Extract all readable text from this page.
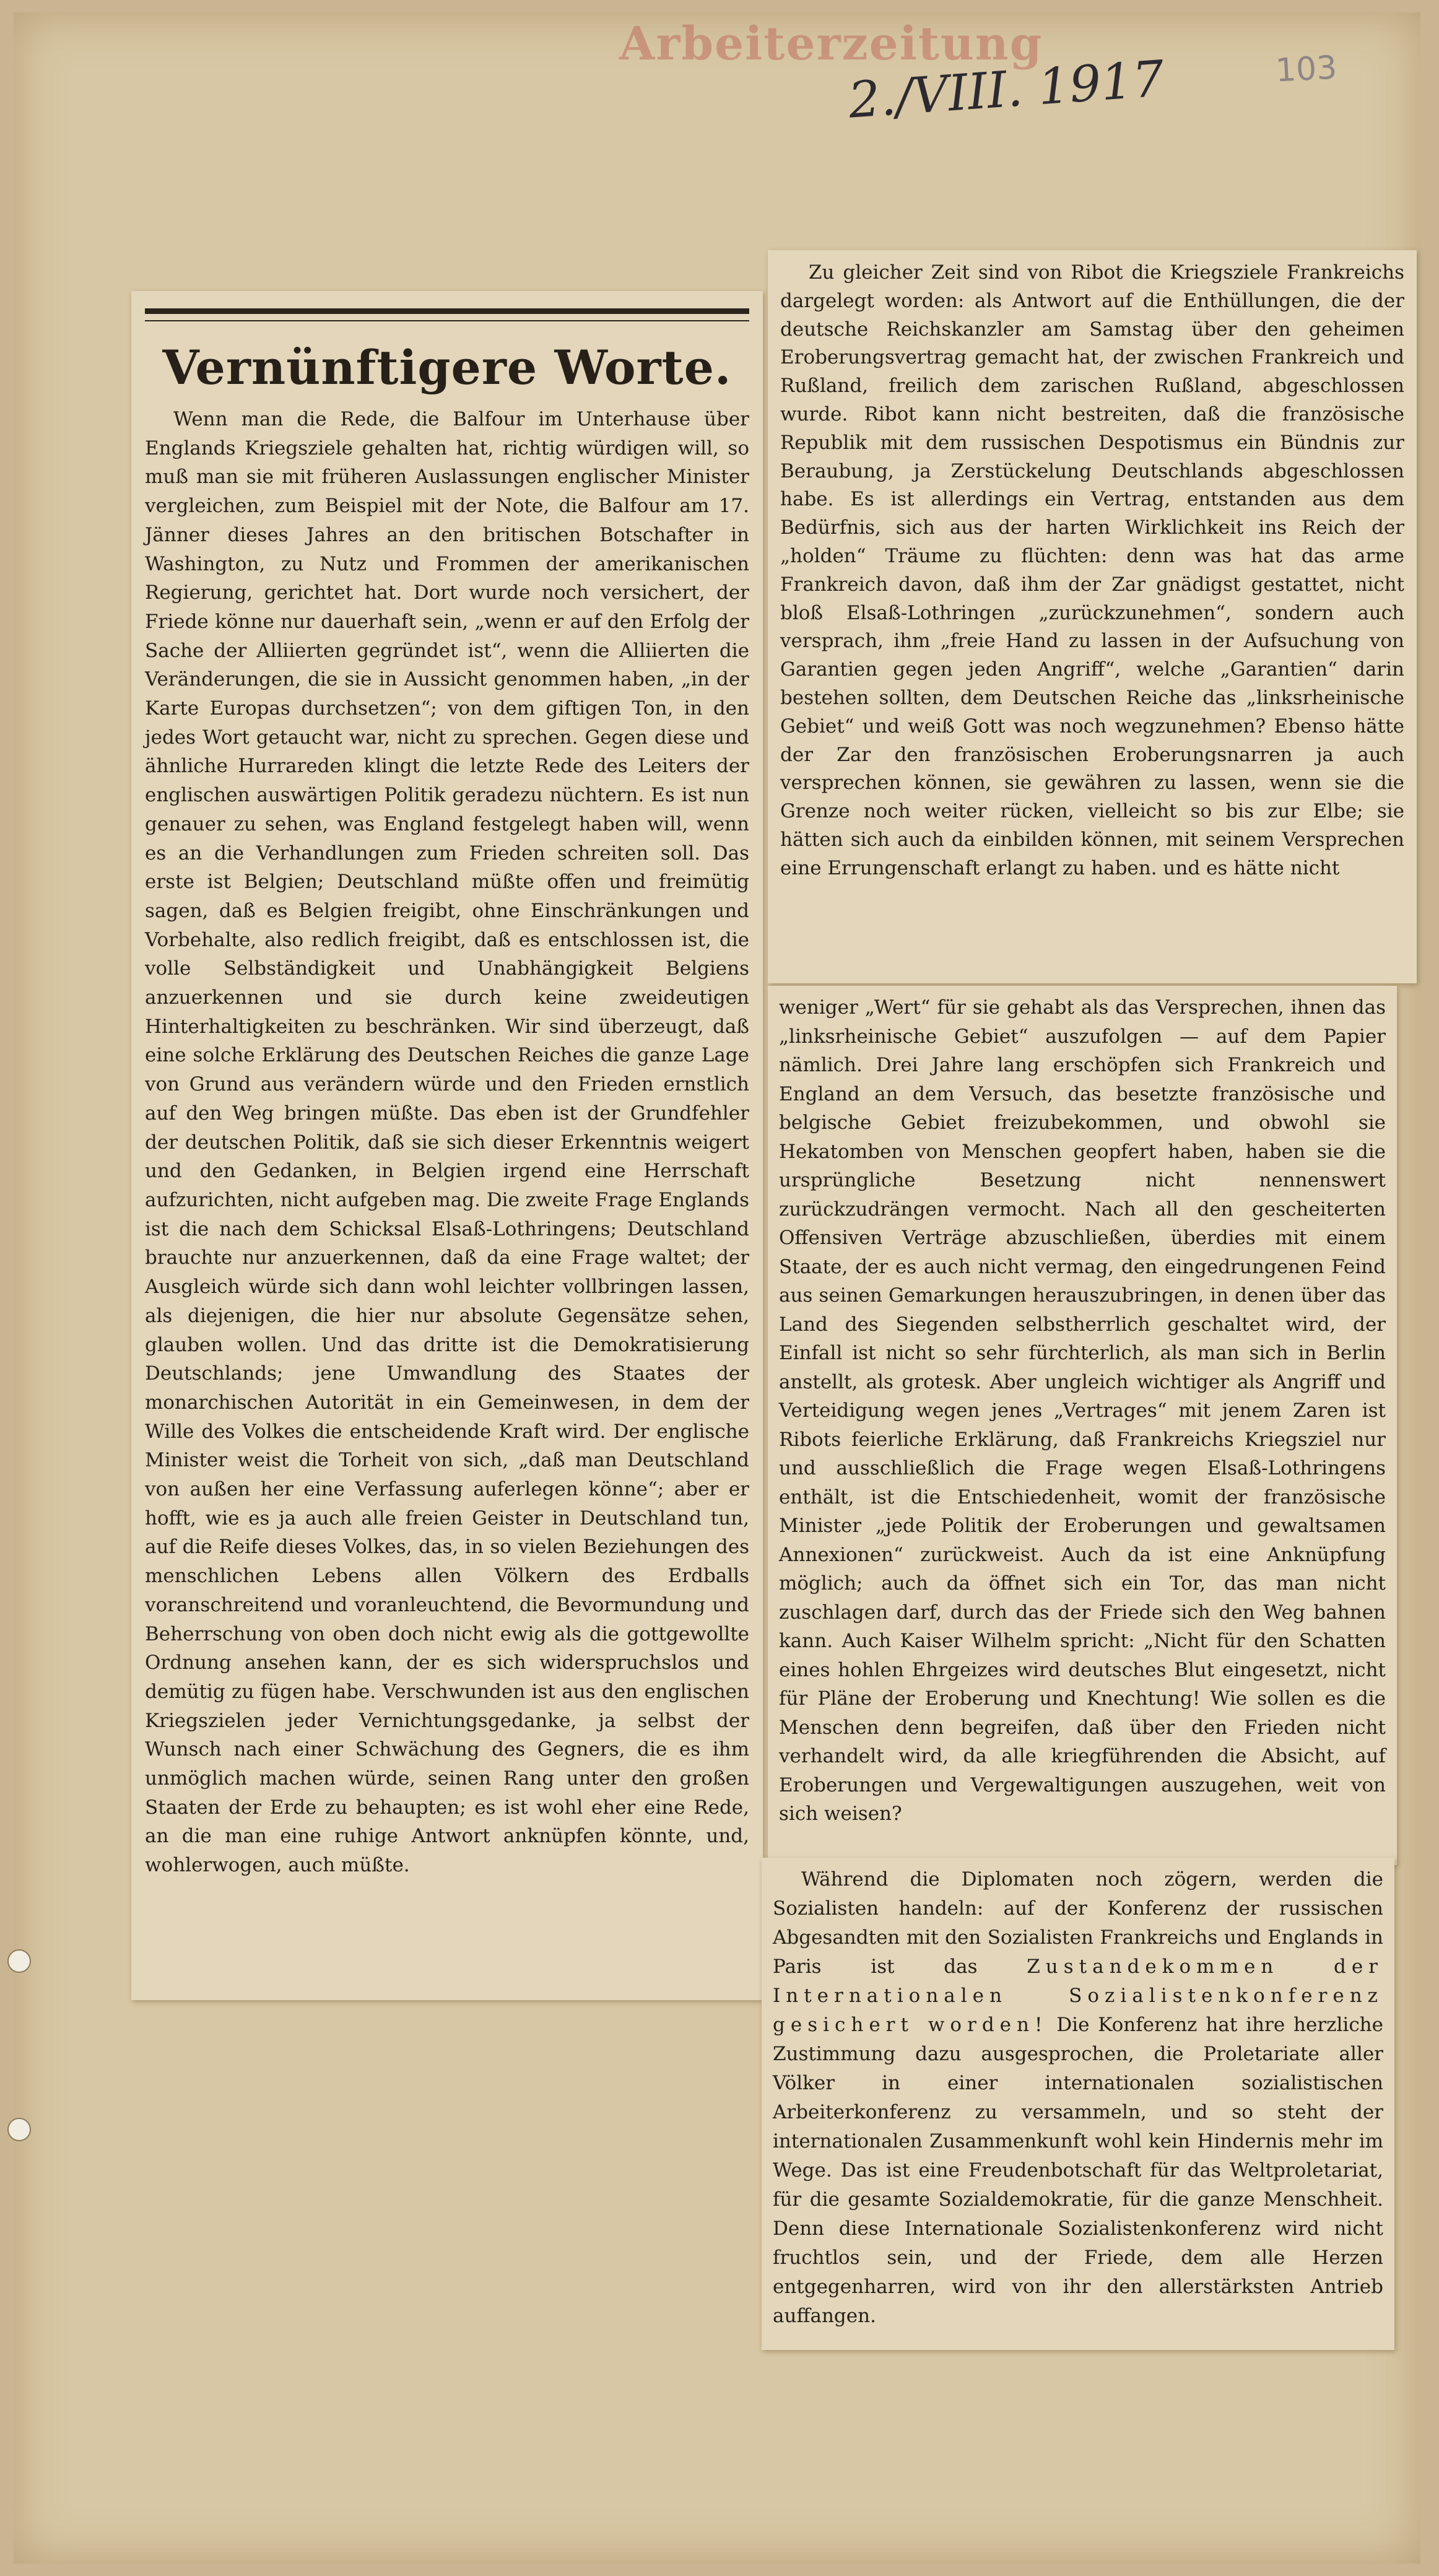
Arbeiterzeitung
2./VIII. 1917	103
Vernünftigere Worte.

Wenn man die Rede, die Balfour im Unterhause über Englands Kriegsziele gehalten hat, richtig würdigen will, so muß man sie mit früheren Auslassungen englischer Minister vergleichen, zum Beispiel mit der Note, die Balfour am 17. Jänner dieses Jahres an den britischen Botschafter in Washington, zu Nutz und Frommen der amerikanischen Regierung, gerichtet hat. Dort wurde noch versichert, der Friede könne nur dauerhaft sein, „wenn er auf den Erfolg der Sache der Alliierten gegründet ist“, wenn die Alliierten die Veränderungen, die sie in Aussicht genommen haben, „in der Karte Europas durchsetzen“; von dem giftigen Ton, in den jedes Wort getaucht war, nicht zu sprechen. Gegen diese und ähnliche Hurrareden klingt die letzte Rede des Leiters der englischen auswärtigen Politik geradezu nüchtern. Es ist nun genauer zu sehen, was England festgelegt haben will, wenn es an die Verhandlungen zum Frieden schreiten soll. Das erste ist Belgien; Deutschland müßte offen und freimütig sagen, daß es Belgien freigibt, ohne Einschränkungen und Vorbehalte, also redlich freigibt, daß es entschlossen ist, die volle Selbständigkeit und Unabhängigkeit Belgiens anzuerkennen und sie durch keine zweideutigen Hinterhaltigkeiten zu beschränken. Wir sind überzeugt, daß eine solche Erklärung des Deutschen Reiches die ganze Lage von Grund aus verändern würde und den Frieden ernstlich auf den Weg bringen müßte. Das eben ist der Grundfehler der deutschen Politik, daß sie sich dieser Erkenntnis weigert und den Gedanken, in Belgien irgend eine Herrschaft aufzurichten, nicht aufgeben mag. Die zweite Frage Englands ist die nach dem Schicksal Elsaß-Lothringens; Deutschland brauchte nur anzuerkennen, daß da eine Frage waltet; der Ausgleich würde sich dann wohl leichter vollbringen lassen, als diejenigen, die hier nur absolute Gegensätze sehen, glauben wollen. Und das dritte ist die Demokratisierung Deutschlands; jene Umwandlung des Staates der monarchischen Autorität in ein Gemeinwesen, in dem der Wille des Volkes die entscheidende Kraft wird. Der englische Minister weist die Torheit von sich, „daß man Deutschland von außen her eine Verfassung auferlegen könne“; aber er hofft, wie es ja auch alle freien Geister in Deutschland tun, auf die Reife dieses Volkes, das, in so vielen Beziehungen des menschlichen Lebens allen Völkern des Erdballs voranschreitend und voranleuchtend, die Bevormundung und Beherrschung von oben doch nicht ewig als die gottgewollte Ordnung ansehen kann, der es sich widerspruchslos und demütig zu fügen habe. Verschwunden ist aus den englischen Kriegszielen jeder Vernichtungsgedanke, ja selbst der Wunsch nach einer Schwächung des Gegners, die es ihm unmöglich machen würde, seinen Rang unter den großen Staaten der Erde zu behaupten; es ist wohl eher eine Rede, an die man eine ruhige Antwort anknüpfen könnte, und, wohlerwogen, auch müßte.

Zu gleicher Zeit sind von Ribot die Kriegsziele Frankreichs dargelegt worden: als Antwort auf die Enthüllungen, die der deutsche Reichskanzler am Samstag über den geheimen Eroberungsvertrag gemacht hat, der zwischen Frankreich und Rußland, freilich dem zarischen Rußland, abgeschlossen wurde. Ribot kann nicht bestreiten, daß die französische Republik mit dem russischen Despotismus ein Bündnis zur Beraubung, ja Zerstückelung Deutschlands abgeschlossen habe. Es ist allerdings ein Vertrag, entstanden aus dem Bedürfnis, sich aus der harten Wirklichkeit ins Reich der „holden“ Träume zu flüchten: denn was hat das arme Frankreich davon, daß ihm der Zar gnädigst gestattet, nicht bloß Elsaß-Lothringen „zurückzunehmen“, sondern auch versprach, ihm „freie Hand zu lassen in der Aufsuchung von Garantien gegen jeden Angriff“, welche „Garantien“ darin bestehen sollten, dem Deutschen Reiche das „linksrheinische Gebiet“ und weiß Gott was noch wegzunehmen? Ebenso hätte der Zar den französischen Eroberungsnarren ja auch versprechen können, sie gewähren zu lassen, wenn sie die Grenze noch weiter rücken, vielleicht so bis zur Elbe; sie hätten sich auch da einbilden können, mit seinem Versprechen eine Errungenschaft erlangt zu haben. und es hätte nicht

weniger „Wert“ für sie gehabt als das Versprechen, ihnen das „linksrheinische Gebiet“ auszufolgen — auf dem Papier nämlich. Drei Jahre lang erschöpfen sich Frankreich und England an dem Versuch, das besetzte französische und belgische Gebiet freizubekommen, und obwohl sie Hekatomben von Menschen geopfert haben, haben sie die ursprüngliche Besetzung nicht nennenswert zurückzudrängen vermocht. Nach all den gescheiterten Offensiven Verträge abzuschließen, überdies mit einem Staate, der es auch nicht vermag, den eingedrungenen Feind aus seinen Gemarkungen herauszubringen, in denen über das Land des Siegenden selbstherrlich geschaltet wird, der Einfall ist nicht so sehr fürchterlich, als man sich in Berlin anstellt, als grotesk. Aber ungleich wichtiger als Angriff und Verteidigung wegen jenes „Vertrages“ mit jenem Zaren ist Ribots feierliche Erklärung, daß Frankreichs Kriegsziel nur und ausschließlich die Frage wegen Elsaß-Lothringens enthält, ist die Entschiedenheit, womit der französische Minister „jede Politik der Eroberungen und gewaltsamen Annexionen“ zurückweist. Auch da ist eine Anknüpfung möglich; auch da öffnet sich ein Tor, das man nicht zuschlagen darf, durch das der Friede sich den Weg bahnen kann. Auch Kaiser Wilhelm spricht: „Nicht für den Schatten eines hohlen Ehrgeizes wird deutsches Blut eingesetzt, nicht für Pläne der Eroberung und Knechtung! Wie sollen es die Menschen denn begreifen, daß über den Frieden nicht verhandelt wird, da alle kriegführenden die Absicht, auf Eroberungen und Vergewaltigungen auszugehen, weit von sich weisen?

Während die Diplomaten noch zögern, werden die Sozialisten handeln: auf der Konferenz der russischen Abgesandten mit den Sozialisten Frankreichs und Englands in Paris ist das	Zustandekommen der Internationalen Sozialistenkonferenz gesichert worden! Die Konferenz hat ihre herzliche Zustimmung dazu ausgesprochen, die Proletariate aller Völker in einer internationalen sozialistischen Arbeiterkonferenz zu versammeln, und so steht der internationalen Zusammenkunft wohl kein Hindernis mehr im Wege. Das ist eine Freudenbotschaft für das Weltproletariat, für die gesamte Sozialdemokratie, für die ganze Menschheit. Denn diese Internationale Sozialistenkonferenz wird nicht fruchtlos sein, und der Friede, dem alle Herzen entgegenharren, wird von ihr den allerstärksten Antrieb auffangen.
